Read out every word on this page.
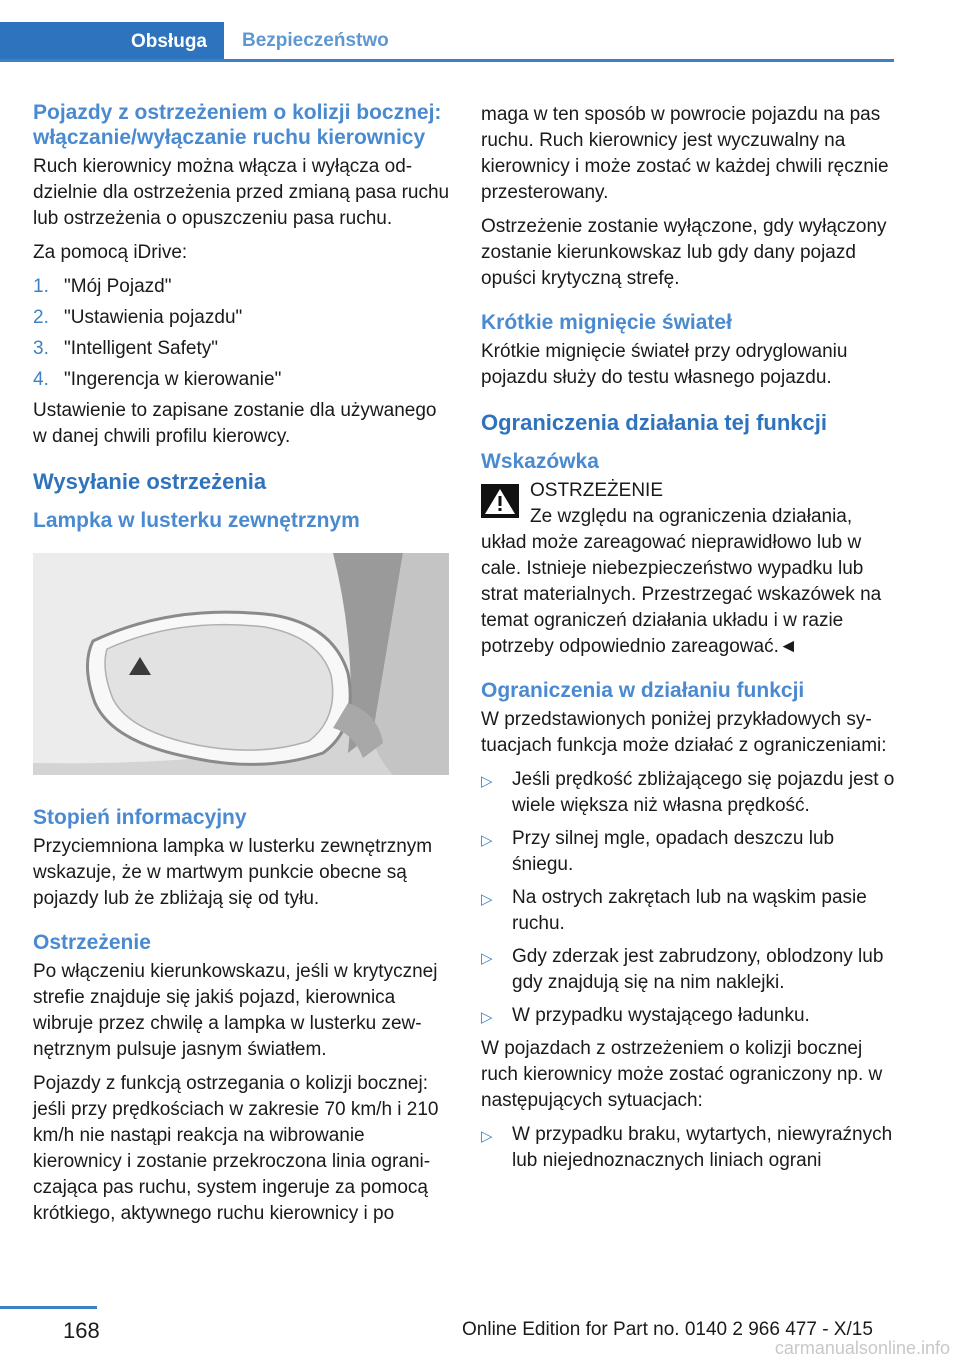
Obsługa	Bezpieczeństwo
Pojazdy z ostrzeżeniem o kolizji bocznej: włączanie/wyłączanie ruchu kierownicy

Ruch kierownicy można włącza i wyłącza oddzielnie dla ostrzeżenia przed zmianą pasa ruchu lub ostrzeżenia o opuszczeniu pasa ruchu.

Za pomocą iDrive:

1. "Mój Pojazd"
2. "Ustawienia pojazdu"
3. "Intelligent Safety"
4. "Ingerencja w kierowanie"

Ustawienie to zapisane zostanie dla używanego w danej chwili profilu kierowcy.

Wysyłanie ostrzeżenia
Lampka w lusterku zewnętrznym
Stopień informacyjny

Przyciemniona lampka w lusterku zewnętrznym wskazuje, że w martwym punkcie obecne są pojazdy lub że zbliżają się od tyłu.

Ostrzeżenie

Po włączeniu kierunkowskazu, jeśli w krytycznej strefie znajduje się jakiś pojazd, kierownica wibruje przez chwilę a lampka w lusterku zewnętrznym pulsuje jasnym światłem.

Pojazdy z funkcją ostrzegania o kolizji bocznej: jeśli przy prędkościach w zakresie 70 km/h i 210 km/h nie nastąpi reakcja na wibrowanie kierownicy i zostanie przekroczona linia ograniczająca pas ruchu, system ingeruje za pomocą krótkiego, aktywnego ruchu kierownicy i po

maga w ten sposób w powrocie pojazdu na pas ruchu. Ruch kierownicy jest wyczuwalny na kierownicy i może zostać w każdej chwili ręcznie przesterowany.

Ostrzeżenie zostanie wyłączone, gdy wyłączony zostanie kierunkowskaz lub gdy dany pojazd opuści krytyczną strefę.

Krótkie mignięcie świateł

Krótkie mignięcie świateł przy odryglowaniu pojazdu służy do testu własnego pojazdu.

Ograniczenia działania tej funkcji
Wskazówka
OSTRZEŻENIE
Ze względu na ograniczenia działania,

układ może zareagować nieprawidłowo lub w cale. Istnieje niebezpieczeństwo wypadku lub strat materialnych. Przestrzegać wskazówek na temat ograniczeń działania układu i w razie potrzeby odpowiednio zareagować.◄

Ograniczenia w działaniu funkcji

W przedstawionych poniżej przykładowych sytuacjach funkcja może działać z ograniczeniami:

▷ Jeśli prędkość zbliżającego się pojazdu jest o wiele większa niż własna prędkość.
▷ Przy silnej mgle, opadach deszczu lub śniegu.
▷ Na ostrych zakrętach lub na wąskim pasie ruchu.
▷ Gdy zderzak jest zabrudzony, oblodzony lub gdy znajdują się na nim naklejki.
▷ W przypadku wystającego ładunku.

W pojazdach z ostrzeżeniem o kolizji bocznej ruch kierownicy może zostać ograniczony np. w następujących sytuacjach:

▷ W przypadku braku, wytartych, niewyraźnych lub niejednoznacznych liniach ograni
168	Online Edition for Part no. 0140 2 966 477 - X/15
carmanualsonline.info
